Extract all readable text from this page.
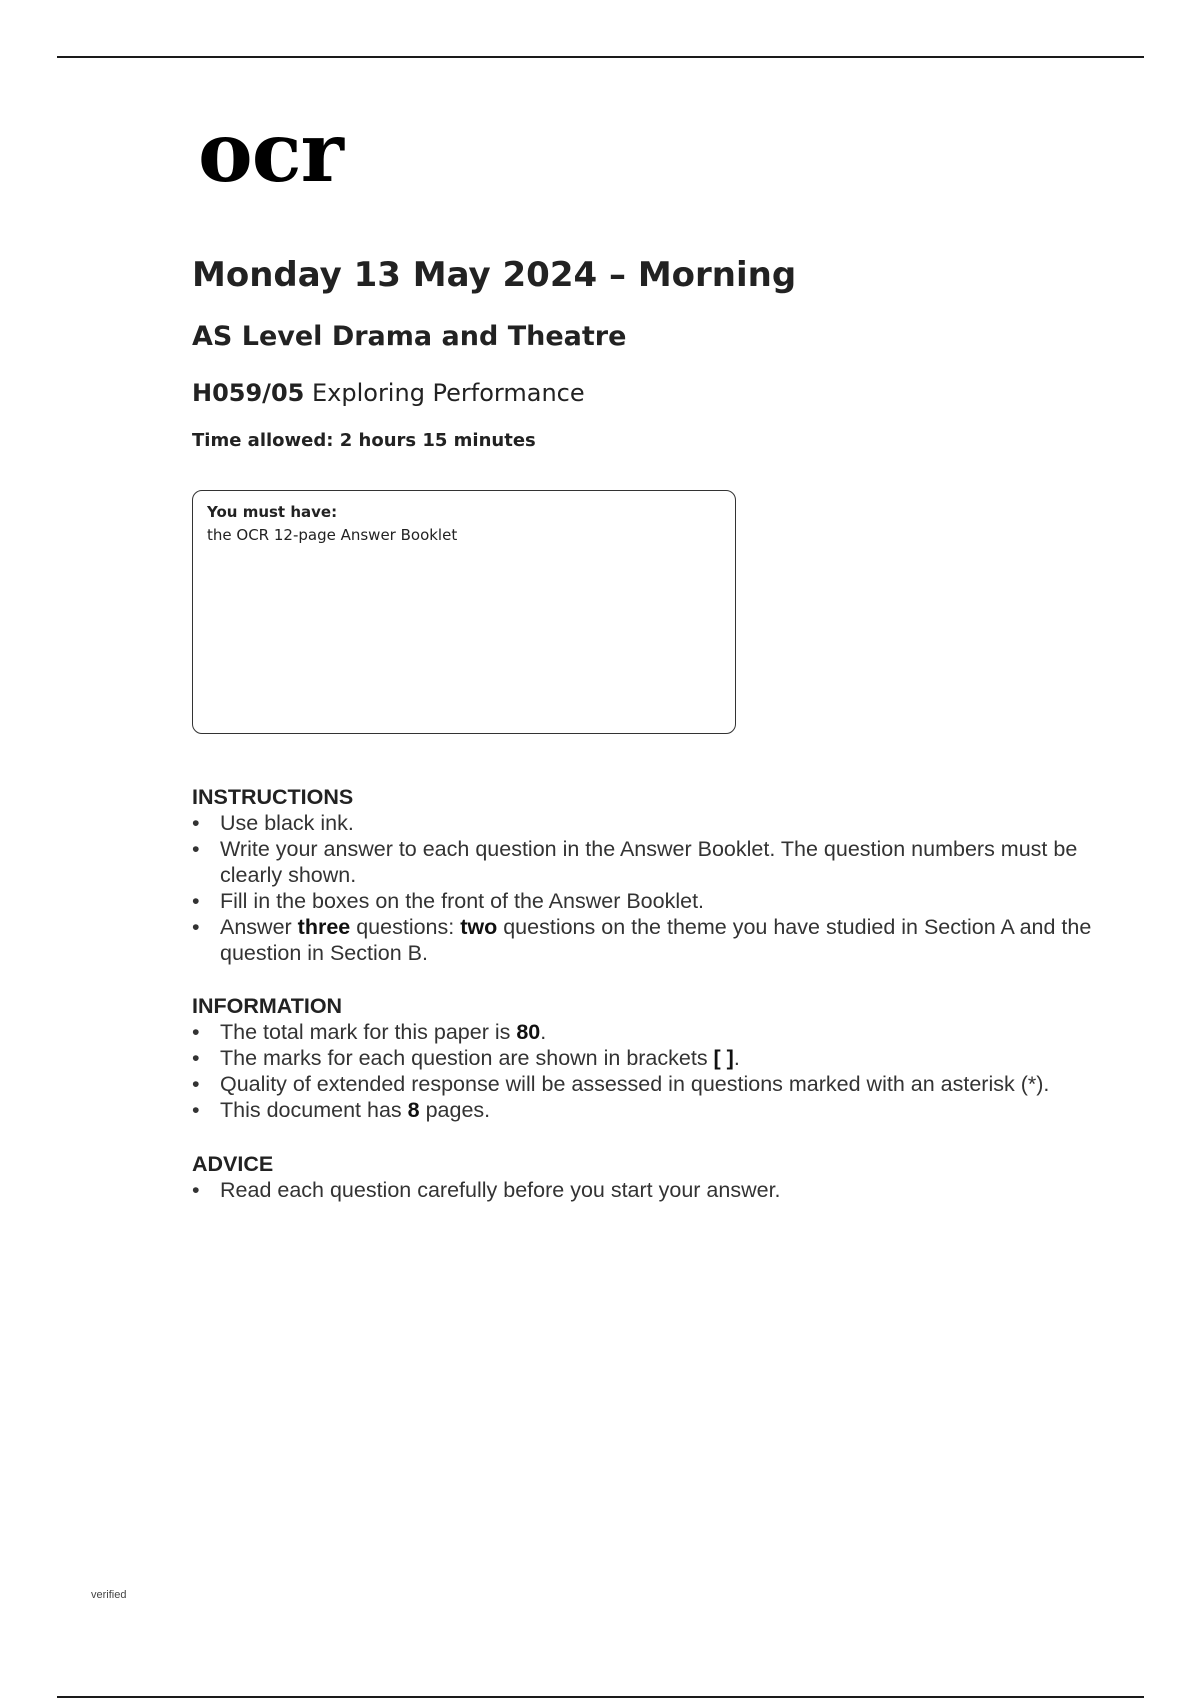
ocr
Monday 13 May 2024 – Morning
AS Level Drama and Theatre
H059/05 Exploring Performance
Time allowed: 2 hours 15 minutes

You must have:

the OCR 12-page Answer Booklet

INSTRUCTIONS
• Use black ink.
• Write your answer to each question in the Answer Booklet. The question numbers must be clearly shown.
• Fill in the boxes on the front of the Answer Booklet.
• Answer three questions: two questions on the theme you have studied in Section A and the question in Section B.
INFORMATION
• The total mark for this paper is 80.
• The marks for each question are shown in brackets [ ].
• Quality of extended response will be assessed in questions marked with an asterisk (*).
• This document has 8 pages.
ADVICE
• Read each question carefully before you start your answer.
verified
